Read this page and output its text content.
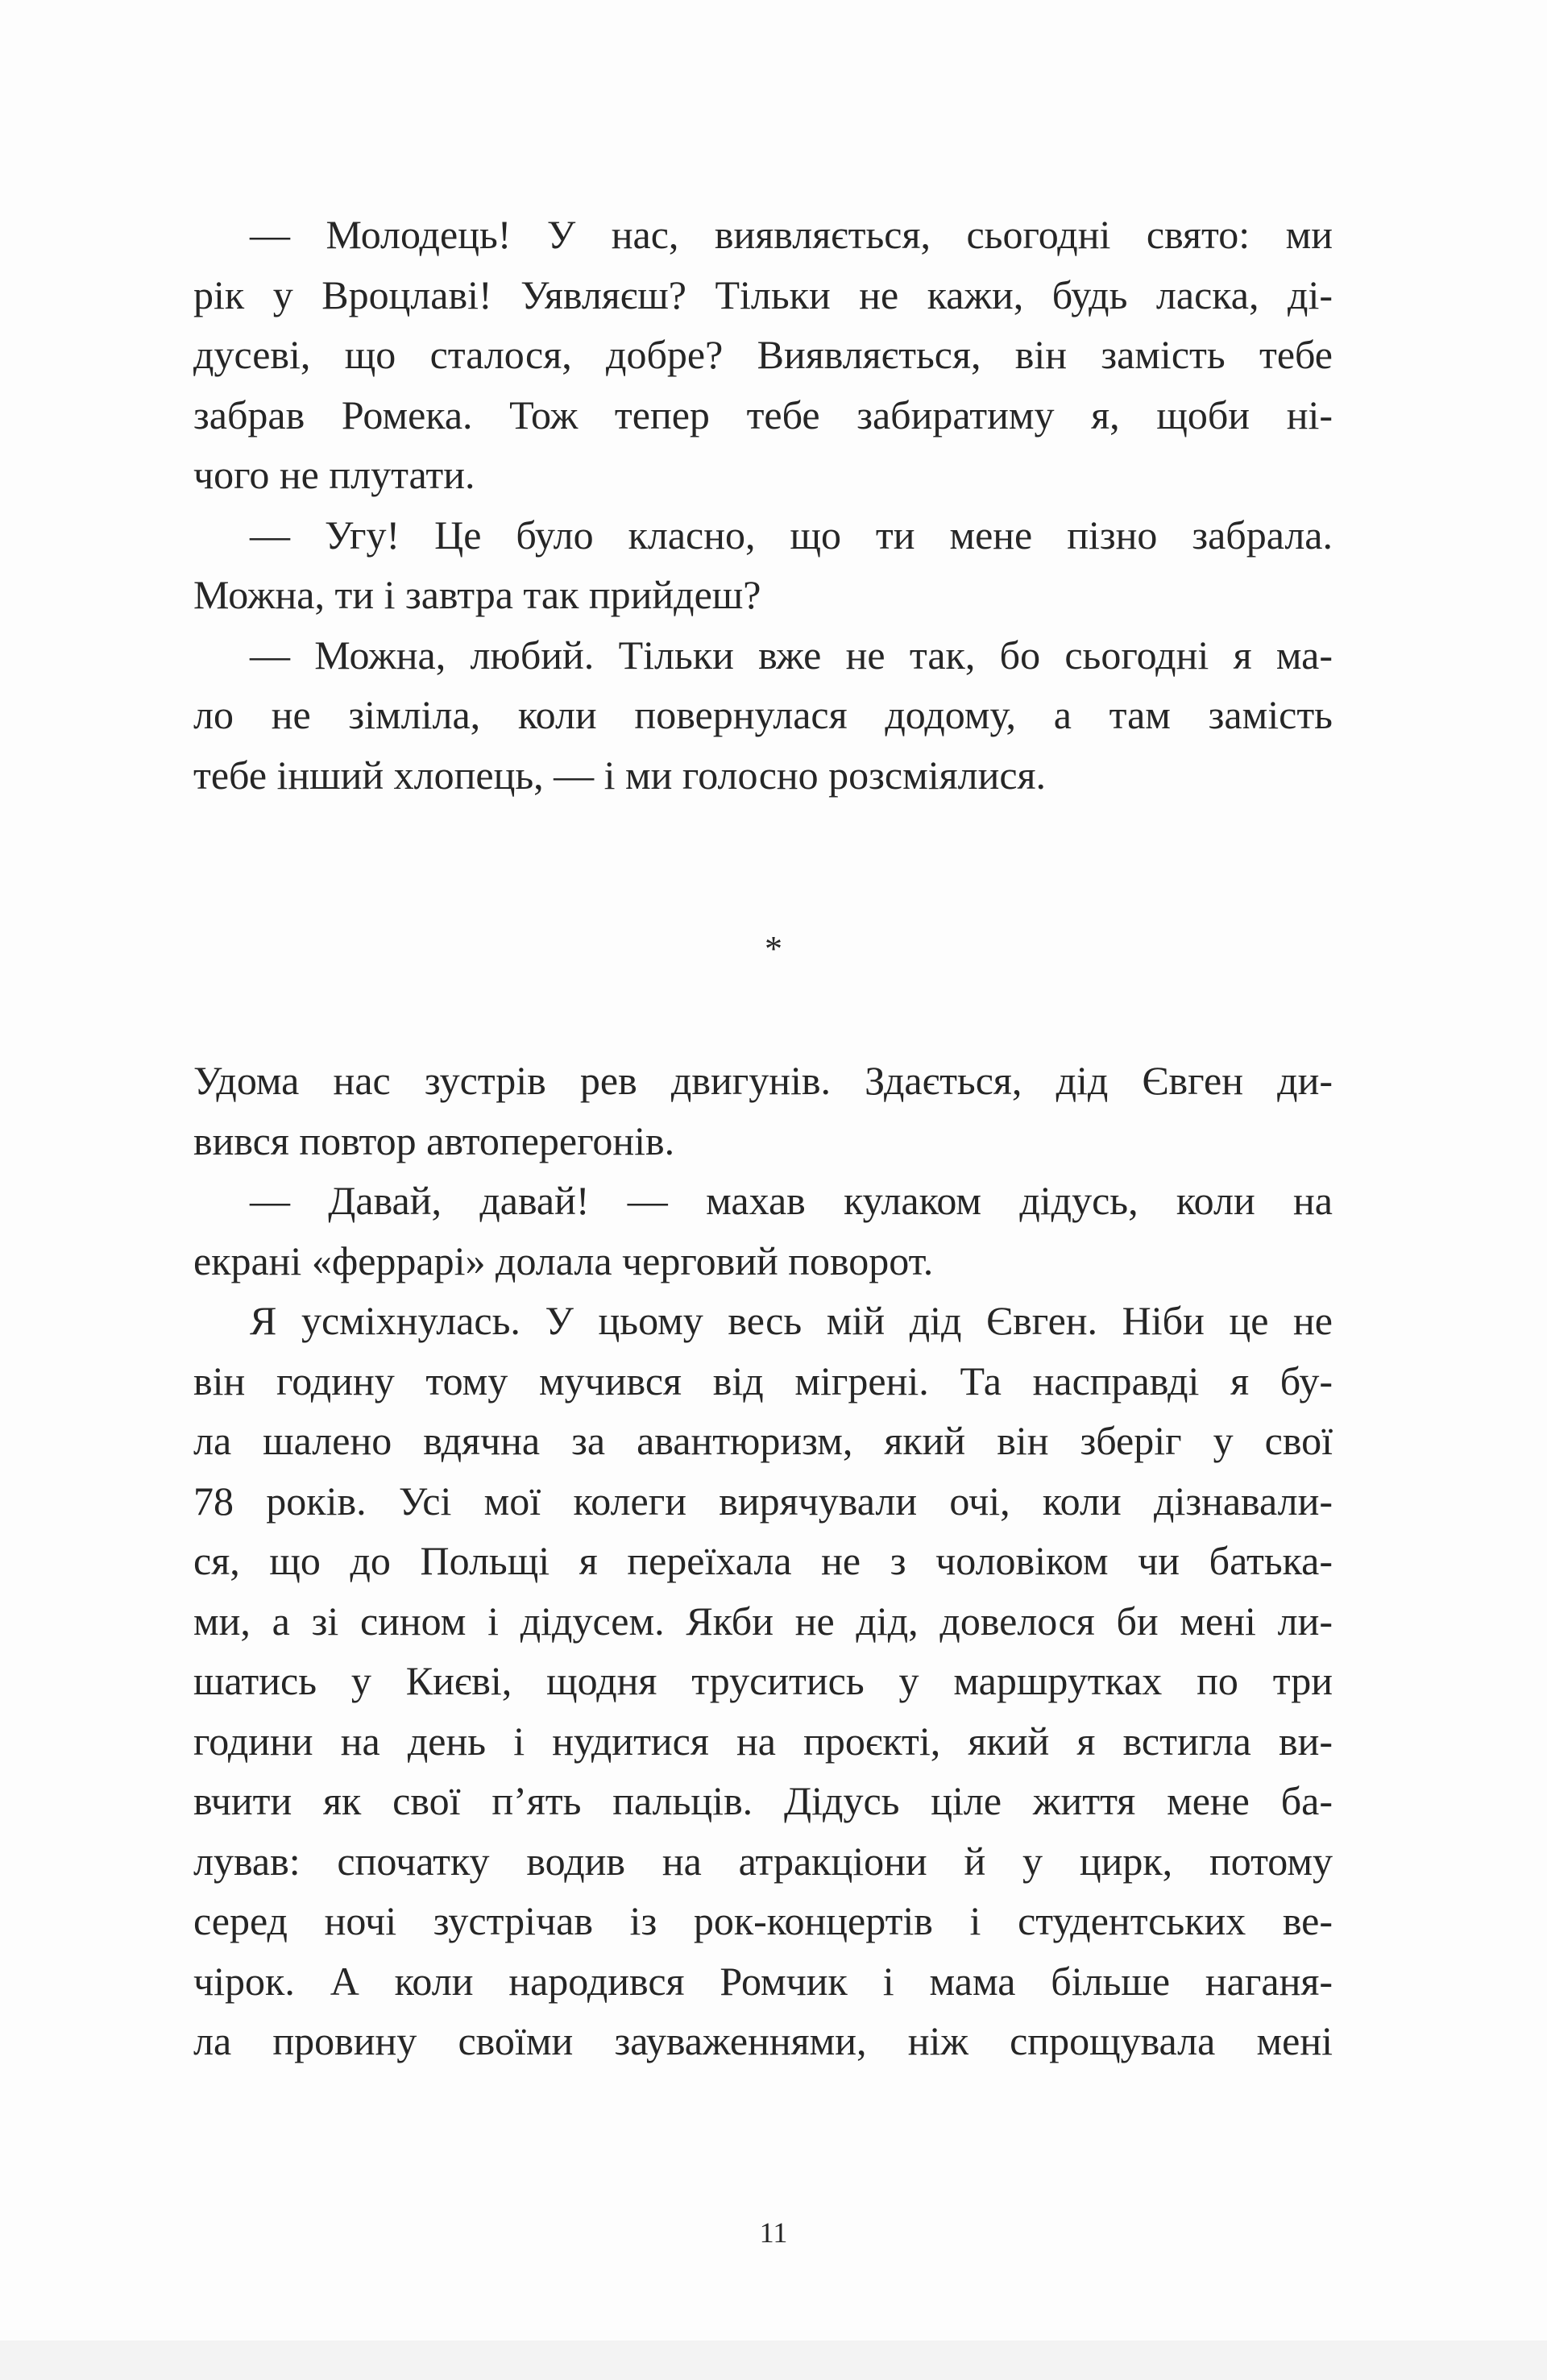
— Молодець! У нас, виявляється, сьогодні свято: ми
рік у Вроцлаві! Уявляєш? Тільки не кажи, будь ласка, ді-
дусеві, що сталося, добре? Виявляється, він замість тебе
забрав Ромека. Тож тепер тебе забиратиму я, щоби ні-
чого не плутати.
— Угу! Це було класно, що ти мене пізно забрала.
Можна, ти і завтра так прийдеш?
— Можна, любий. Тільки вже не так, бо сьогодні я ма-
ло не зімліла, коли повернулася додому, а там замість
тебе інший хлопець, — і ми голосно розсміялися.
*
Удома нас зустрів рев двигунів. Здається, дід Євген ди-
вився повтор автоперегонів.
— Давай, давай! — махав кулаком дідусь, коли на
екрані «феррарі» долала черговий поворот.
Я усміхнулась. У цьому весь мій дід Євген. Ніби це не
він годину тому мучився від мігрені. Та насправді я бу-
ла шалено вдячна за авантюризм, який він зберіг у свої
78 років. Усі мої колеги вирячували очі, коли дізнавали-
ся, що до Польщі я переїхала не з чоловіком чи батька-
ми, а зі сином і дідусем. Якби не дід, довелося би мені ли-
шатись у Києві, щодня труситись у маршрутках по три
години на день і нудитися на проєкті, який я встигла ви-
вчити як свої п’ять пальців. Дідусь ціле життя мене ба-
лував: спочатку водив на атракціони й у цирк, потому
серед ночі зустрічав із рок-концертів і студентських ве-
чірок. А коли народився Ромчик і мама більше наганя-
ла провину своїми зауваженнями, ніж спрощувала мені
11
